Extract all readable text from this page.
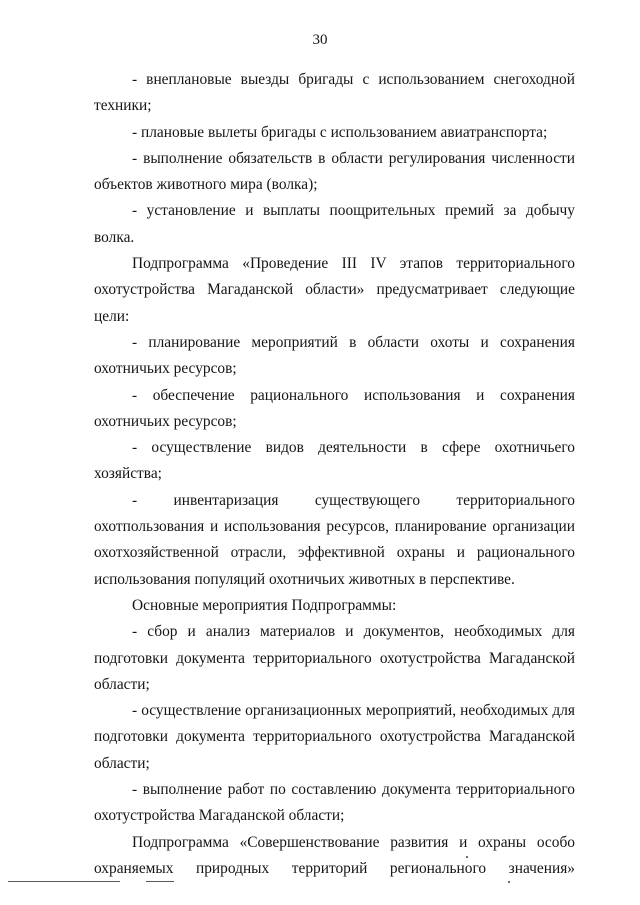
30

- внеплановые выезды бригады с использованием снегоходной техники;

- плановые вылеты бригады с использованием авиатранспорта;

- выполнение обязательств в области регулирования численности объектов животного мира (волка);

- установление и выплаты поощрительных премий за добычу волка.

Подпрограмма «Проведение III IV этапов территориального охотустройства Магаданской области» предусматривает следующие цели:

- планирование мероприятий в области охоты и сохранения охотничьих ресурсов;

- обеспечение рационального использования и сохранения охотничьих ресурсов;

- осуществление видов деятельности в сфере охотничьего хозяйства;

- инвентаризация существующего территориального охотпользования и использования ресурсов, планирование организации охотхозяйственной отрасли, эффективной охраны и рационального использования популяций охотничьих животных в перспективе.

Основные мероприятия Подпрограммы:

- сбор и анализ материалов и документов, необходимых для подготовки документа территориального охотустройства Магаданской области;

- осуществление организационных мероприятий, необходимых для подготовки документа территориального охотустройства Магаданской области;

- выполнение работ по составлению документа территориального охотустройства Магаданской области;

Подпрограмма «Совершенствование развития и охраны особо охраняемых природных территорий регионального значения»
